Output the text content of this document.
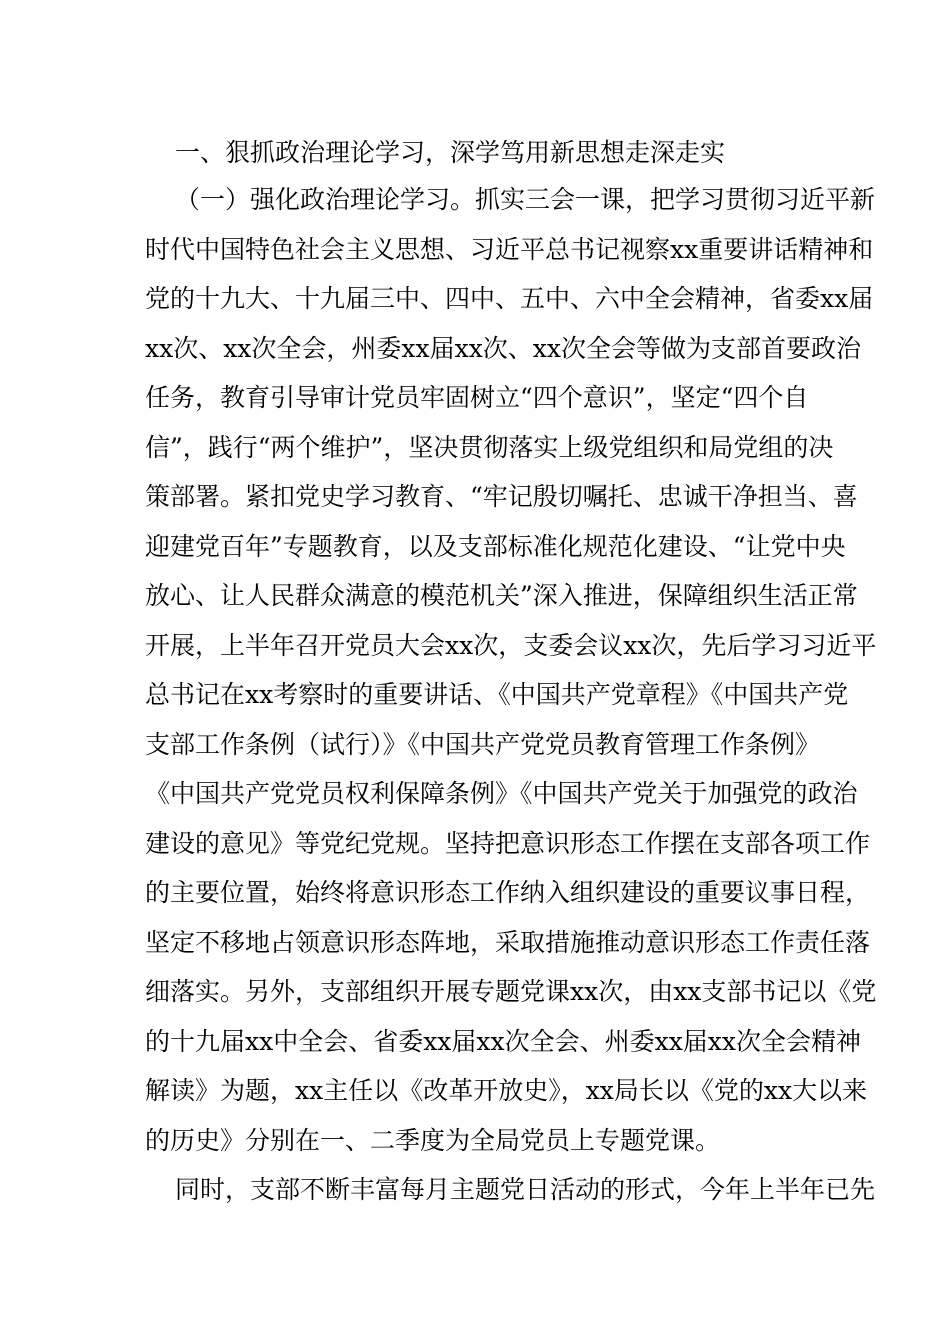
一、狠抓政治理论学习，深学笃用新思想走深走实
（一）强化政治理论学习。抓实三会一课，把学习贯彻习近平新
时代中国特色社会主义思想、习近平总书记视察xx重要讲话精神和
党的十九大、十九届三中、四中、五中、六中全会精神，省委xx届
xx次、xx次全会，州委xx届xx次、xx次全会等做为支部首要政治
任务，教育引导审计党员牢固树立“四个意识”，坚定“四个自
信”，践行“两个维护”，坚决贯彻落实上级党组织和局党组的决
策部署。紧扣党史学习教育、“牢记殷切嘱托、忠诚干净担当、喜
迎建党百年”专题教育，以及支部标准化规范化建设、“让党中央
放心、让人民群众满意的模范机关”深入推进，保障组织生活正常
开展，上半年召开党员大会xx次，支委会议xx次，先后学习习近平
总书记在xx考察时的重要讲话、《中国共产党章程》《中国共产党
支部工作条例（试行）》《中国共产党党员教育管理工作条例》
《中国共产党党员权利保障条例》《中国共产党关于加强党的政治
建设的意见》等党纪党规。坚持把意识形态工作摆在支部各项工作
的主要位置，始终将意识形态工作纳入组织建设的重要议事日程，
坚定不移地占领意识形态阵地，采取措施推动意识形态工作责任落
细落实。另外，支部组织开展专题党课xx次，由xx支部书记以《党
的十九届xx中全会、省委xx届xx次全会、州委xx届xx次全会精神
解读》为题，xx主任以《改革开放史》，xx局长以《党的xx大以来
的历史》分别在一、二季度为全局党员上专题党课。
同时，支部不断丰富每月主题党日活动的形式，今年上半年已先
